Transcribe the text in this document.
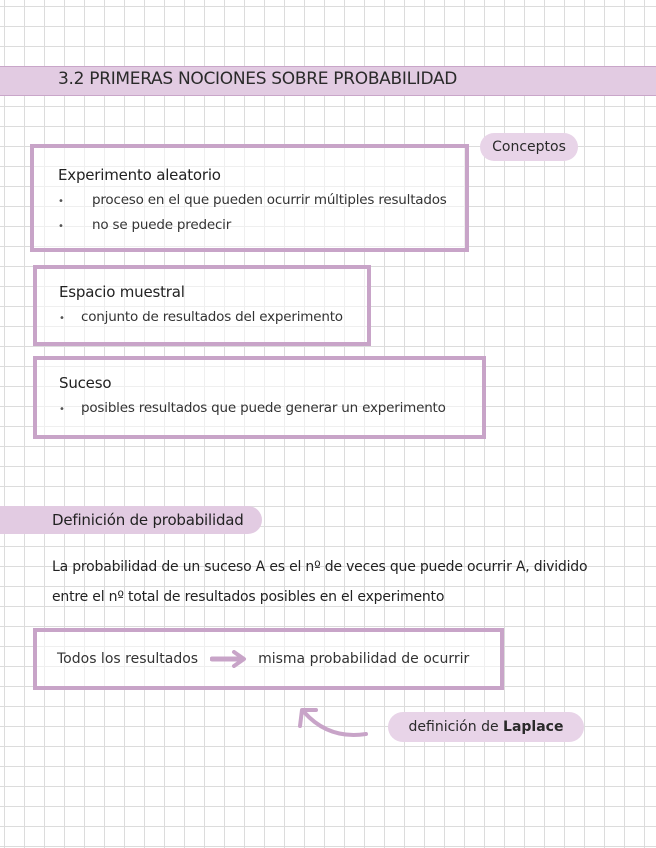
3.2 PRIMERAS NOCIONES SOBRE PROBABILIDAD
Conceptos
Experimento aleatorio
•	proceso en el que pueden ocurrir múltiples resultados
•	no se puede predecir
Espacio muestral
•	conjunto de resultados del experimento
Suceso
•	posibles resultados que puede generar un experimento
Definición de probabilidad
La probabilidad de un suceso A es el nº de veces que puede ocurrir A, dividido
entre el nº total de resultados posibles en el experimento
Todos los resultados	misma probabilidad de ocurrir
definición de Laplace
